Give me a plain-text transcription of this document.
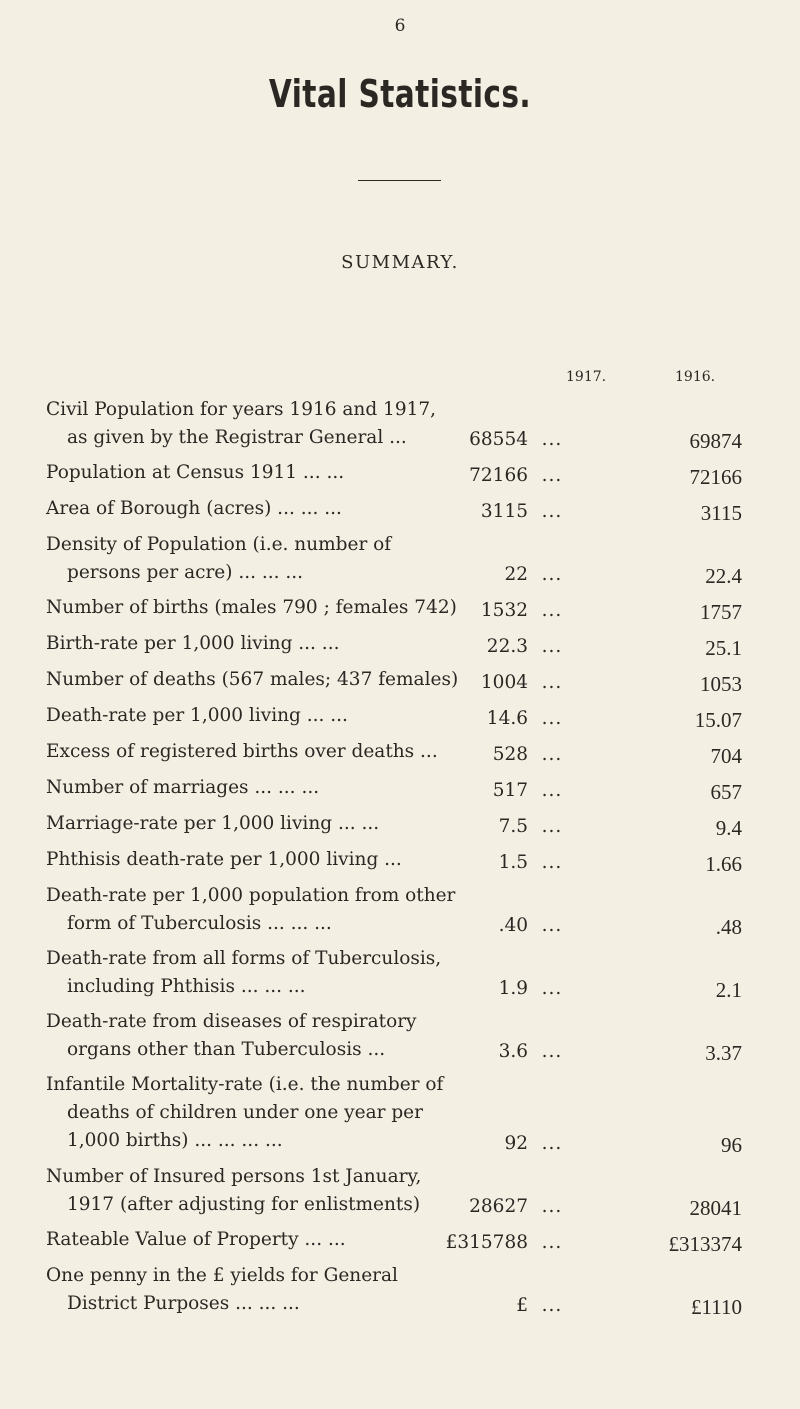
6
Vital Statistics.
SUMMARY.
1917.	1916.
Civil Population for years 1916 and 1917,
as given by the Registrar General ...	68554 ...	69874
Population at Census 1911 ... ...	72166 ...	72166
Area of Borough (acres) ... ... ...	3115 ...	3115
Density of Population (i.e. number of
persons per acre) ... ... ...	22 ...	22.4
Number of births (males 790 ; females 742)	1532 ...	1757
Birth-rate per 1,000 living ... ...	22.3 ...	25.1
Number of deaths (567 males; 437 females)	1004 ...	1053
Death-rate per 1,000 living ... ...	14.6 ...	15.07
Excess of registered births over deaths ...	528 ...	704
Number of marriages ... ... ...	517 ...	657
Marriage-rate per 1,000 living ... ...	7.5 ...	9.4
Phthisis death-rate per 1,000 living ...	1.5 ...	1.66
Death-rate per 1,000 population from other
form of Tuberculosis ... ... ...	.40 ...	.48
Death-rate from all forms of Tuberculosis,
including Phthisis ... ... ...	1.9 ...	2.1
Death-rate from diseases of respiratory
organs other than Tuberculosis ...	3.6 ...	3.37
Infantile Mortality-rate (i.e. the number of
deaths of children under one year per
1,000 births) ... ... ... ...	92 ...	96
Number of Insured persons 1st January,
1917 (after adjusting for enlistments)	28627 ...	28041
Rateable Value of Property ... ...	£315788 ...	£313374
One penny in the £ yields for General
District Purposes ... ... ...	£ ...	£1110
